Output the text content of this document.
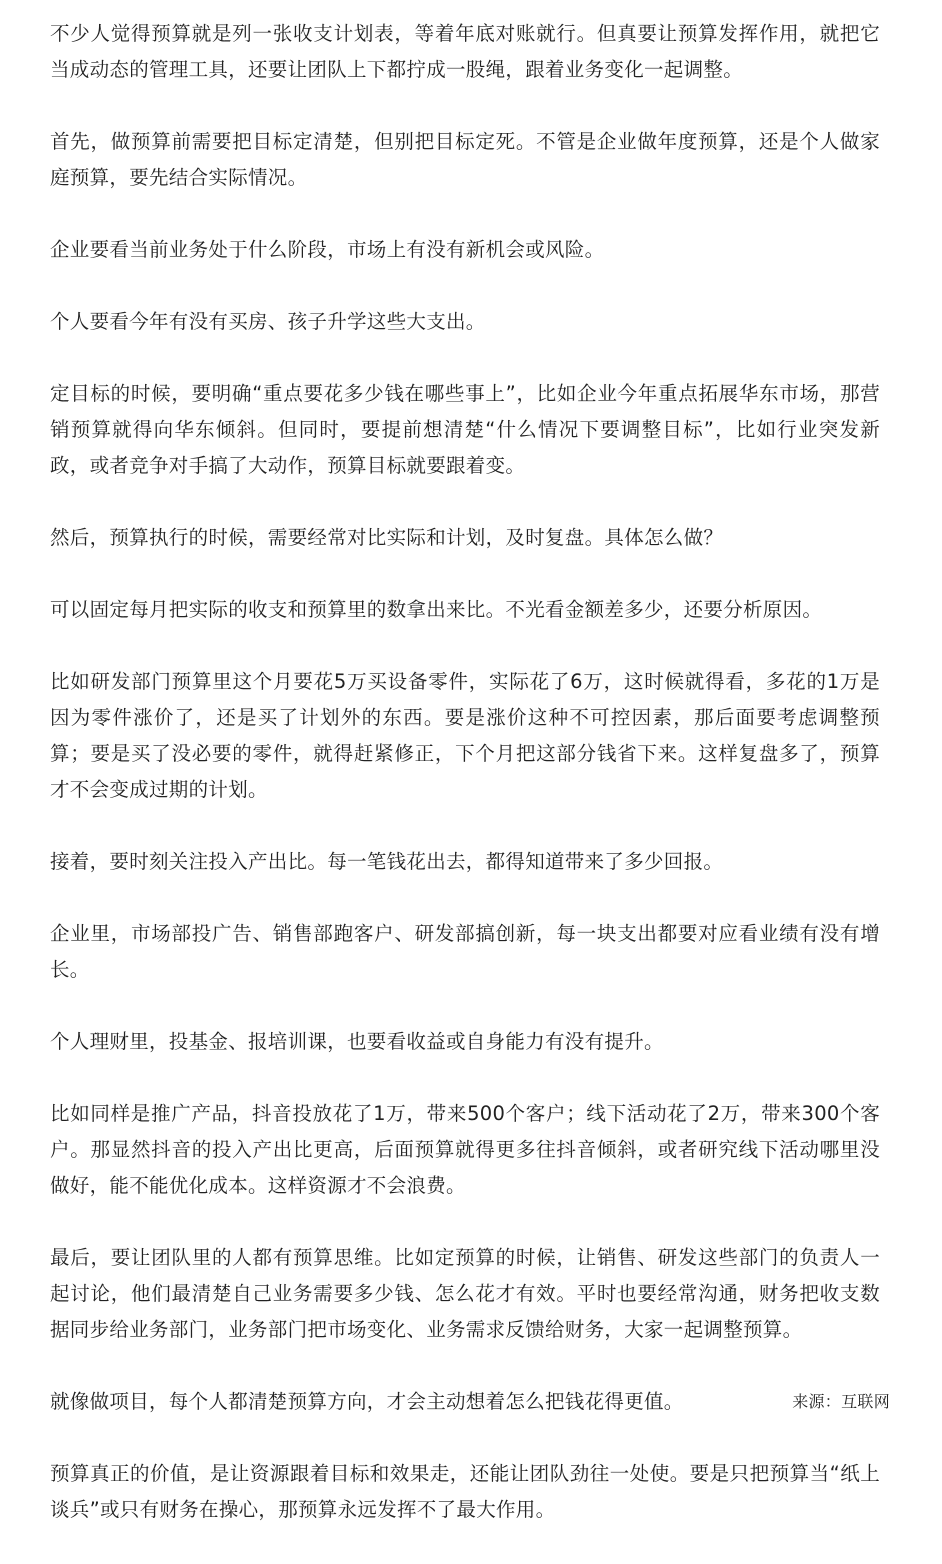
不少人觉得预算就是列一张收支计划表，等着年底对账就行。但真要让预算发挥作用，就把它当成动态的管理工具，还要让团队上下都拧成一股绳，跟着业务变化一起调整。

首先，做预算前需要把目标定清楚，但别把目标定死。不管是企业做年度预算，还是个人做家庭预算，要先结合实际情况。

企业要看当前业务处于什么阶段，市场上有没有新机会或风险。

个人要看今年有没有买房、孩子升学这些大支出。

定目标的时候，要明确“重点要花多少钱在哪些事上”，比如企业今年重点拓展华东市场，那营销预算就得向华东倾斜。但同时，要提前想清楚“什么情况下要调整目标”，比如行业突发新政，或者竞争对手搞了大动作，预算目标就要跟着变。

然后，预算执行的时候，需要经常对比实际和计划，及时复盘。具体怎么做？

可以固定每月把实际的收支和预算里的数拿出来比。不光看金额差多少，还要分析原因。

比如研发部门预算里这个月要花5万买设备零件，实际花了6万，这时候就得看，多花的1万是因为零件涨价了，还是买了计划外的东西。要是涨价这种不可控因素，那后面要考虑调整预算；要是买了没必要的零件，就得赶紧修正，下个月把这部分钱省下来。这样复盘多了，预算才不会变成过期的计划。

接着，要时刻关注投入产出比。每一笔钱花出去，都得知道带来了多少回报。

企业里，市场部投广告、销售部跑客户、研发部搞创新，每一块支出都要对应看业绩有没有增长。

个人理财里，投基金、报培训课，也要看收益或自身能力有没有提升。

比如同样是推广产品，抖音投放花了1万，带来500个客户；线下活动花了2万，带来300个客户。那显然抖音的投入产出比更高，后面预算就得更多往抖音倾斜，或者研究线下活动哪里没做好，能不能优化成本。这样资源才不会浪费。

最后，要让团队里的人都有预算思维。比如定预算的时候，让销售、研发这些部门的负责人一起讨论，他们最清楚自己业务需要多少钱、怎么花才有效。平时也要经常沟通，财务把收支数据同步给业务部门，业务部门把市场变化、业务需求反馈给财务，大家一起调整预算。

就像做项目，每个人都清楚预算方向，才会主动想着怎么把钱花得更值。	来源：互联网

预算真正的价值，是让资源跟着目标和效果走，还能让团队劲往一处使。要是只把预算当“纸上谈兵”或只有财务在操心，那预算永远发挥不了最大作用。
